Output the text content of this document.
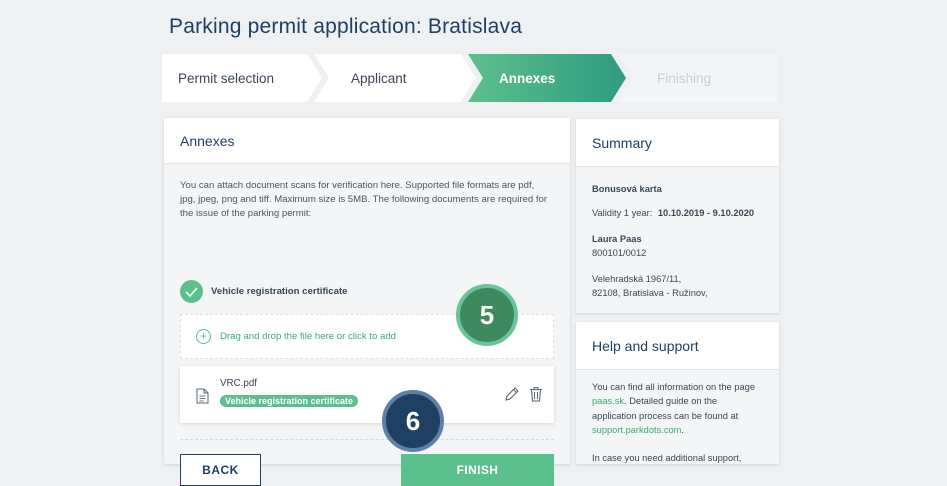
Parking permit application: Bratislava
Permit selection	Applicant	Annexes	Finishing
Annexes
You can attach document scans for verification here. Supported file formats are pdf, jpg, jpeg, png and tiff. Maximum size is 5MB. The following documents are required for the issue of the parking permit:
Vehicle registration certificate
+	Drag and drop the file here or click to add
VRC.pdf
Vehicle registration certificate
BACK	FINISH
5
6
Summary
Bonusová karta
Validity 1 year: 10.10.2019 - 9.10.2020
Laura Paas
800101/0012
Velehradská 1967/11,
82108, Bratislava - Ružinov,
Help and support

You can find all information on the page paas.sk. Detailed guide on the application process can be found at support.parkdots.com.

In case you need additional support,
